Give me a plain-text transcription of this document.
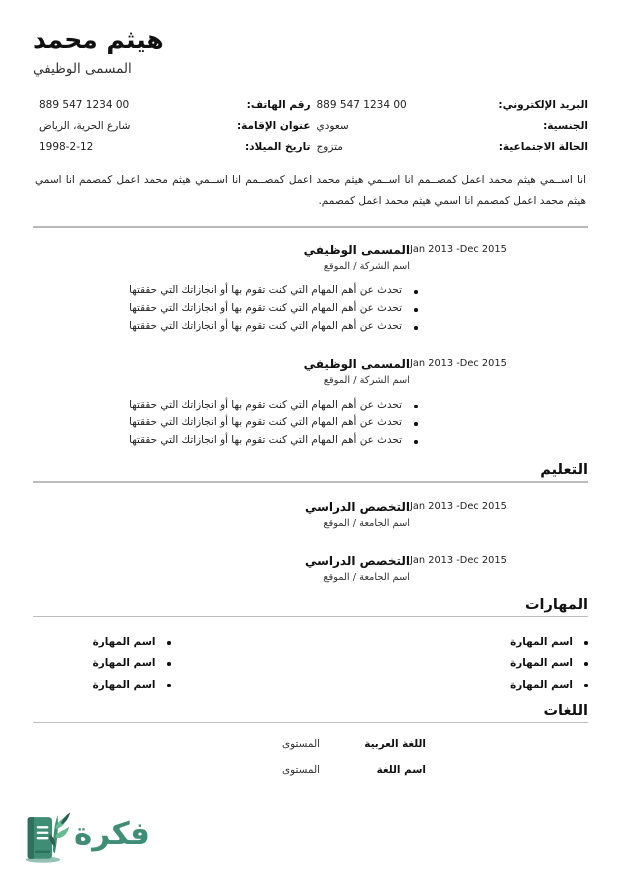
هيثم محمد
المسمى الوظيفي
البريد الإلكتروني:
00 1234 547 889
الجنسية:
سعودي
الحالة الاجتماعية:
متزوج
رقم الهاتف:
00 1234 547 889
عنوان الإقامة:
شارع الحرية، الرياض
تاريخ الميلاد:
1998-2-12
انا اســمي هيثم محمد اعمل كمصــمم انا اســمي هيثم محمد اعمل كمصــمم انا اســمي هيثم محمد اعمل كمصمم انا اسمي هيثم محمد اعمل كمصمم انا اسمي هيثم محمد اعمل كمصمم.
Jan 2013 -Dec 2015
المسمى الوظيفي
اسم الشركة / الموقع
تحدث عن أهم المهام التي كنت تقوم بها أو انجازاتك التي حققتها
تحدث عن أهم المهام التي كنت تقوم بها أو انجازاتك التي حققتها
تحدث عن أهم المهام التي كنت تقوم بها أو انجازاتك التي حققتها
Jan 2013 -Dec 2015
المسمى الوظيفي
اسم الشركة / الموقع
تحدث عن أهم المهام التي كنت تقوم بها أو انجازاتك التي حققتها
تحدث عن أهم المهام التي كنت تقوم بها أو انجازاتك التي حققتها
تحدث عن أهم المهام التي كنت تقوم بها أو انجازاتك التي حققتها
التعليم
Jan 2013 -Dec 2015
التخصص الدراسي
اسم الجامعة / الموقع
Jan 2013 -Dec 2015
التخصص الدراسي
اسم الجامعة / الموقع
المهارات
اسم المهارة
اسم المهارة
اسم المهارة
اسم المهارة
اسم المهارة
اسم المهارة
اللغات
اللغة العربية
المستوى
اسم اللغة
المستوى
فكرة
